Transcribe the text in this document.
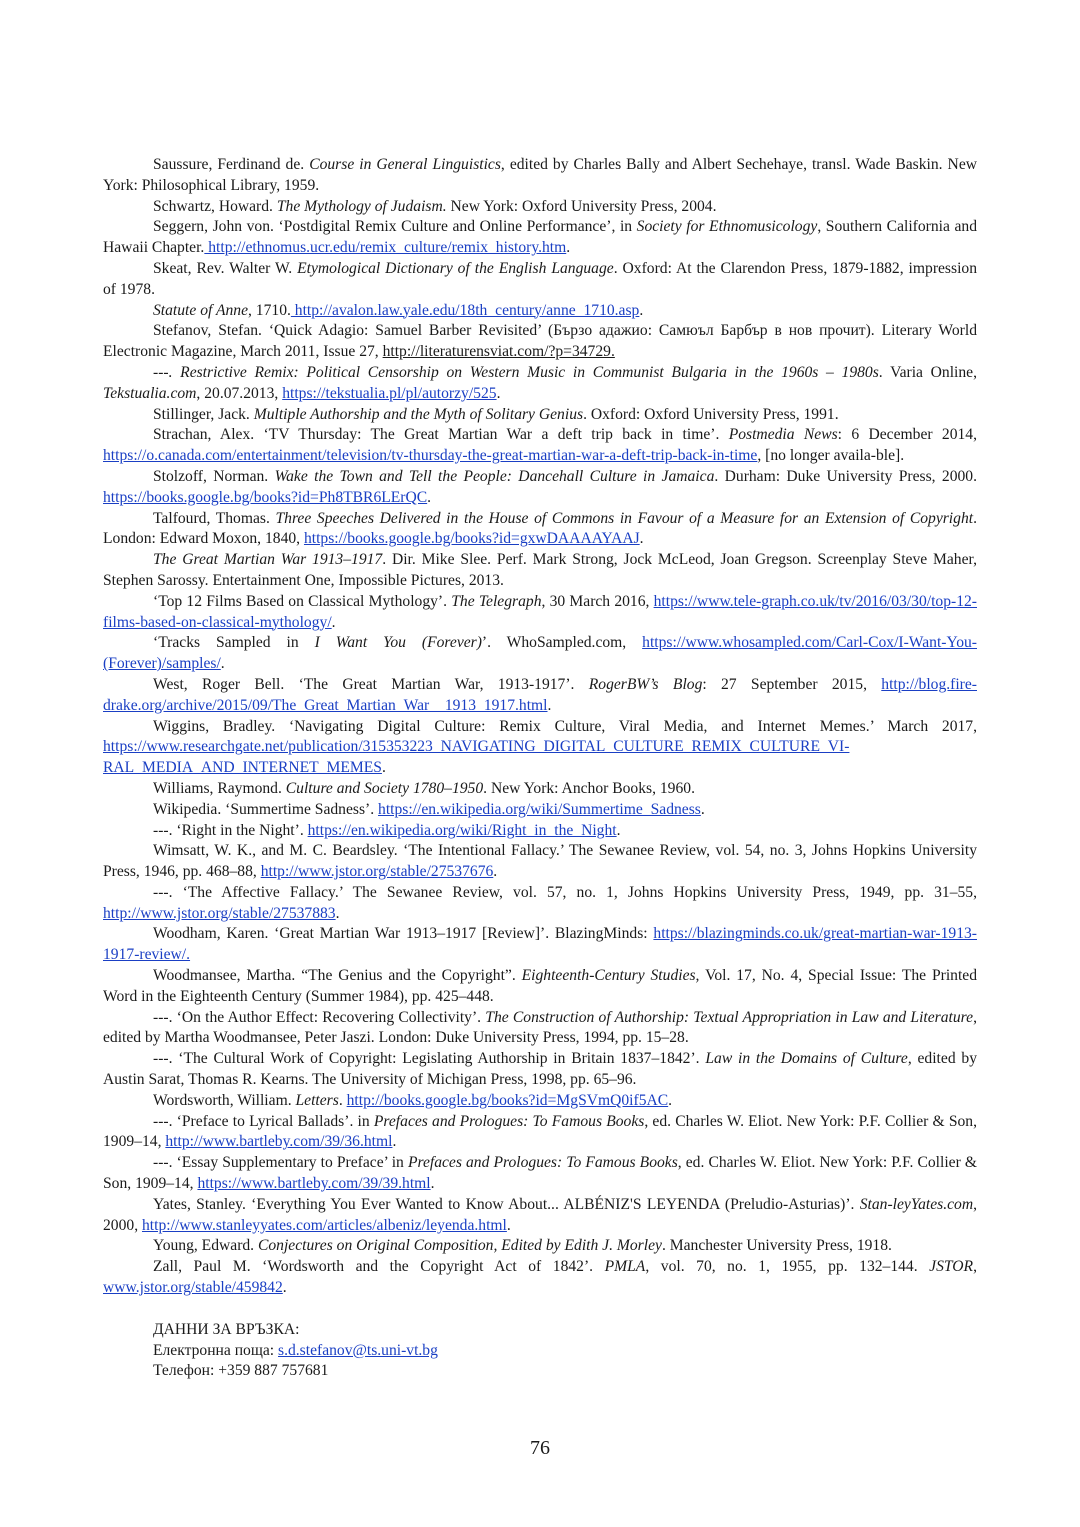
Saussure, Ferdinand de. Course in General Linguistics, edited by Charles Bally and Albert Sechehaye, transl. Wade Baskin. New York: Philosophical Library, 1959.

Schwartz, Howard. The Mythology of Judaism. New York: Oxford University Press, 2004.

Seggern, John von. ‘Postdigital Remix Culture and Online Performance’, in Society for Ethnomusicology, Southern California and Hawaii Chapter. http://ethnomus.ucr.edu/remix_culture/remix_history.htm.

Skeat, Rev. Walter W. Etymological Dictionary of the English Language. Oxford: At the Clarendon Press, 1879-1882, impression of 1978.

Statute of Anne, 1710. http://avalon.law.yale.edu/18th_century/anne_1710.asp.

Stefanov, Stefan. ‘Quick Adagio: Samuel Barber Revisited’ (Бързо адажио: Самюъл Барбър в нов прочит). Literary World Electronic Magazine, March 2011, Issue 27, http://literaturensviat.com/?p=34729.

---. Restrictive Remix: Political Censorship on Western Music in Communist Bulgaria in the 1960s – 1980s. Varia Online, Tekstualia.com, 20.07.2013, https://tekstualia.pl/pl/autorzy/525.

Stillinger, Jack. Multiple Authorship and the Myth of Solitary Genius. Oxford: Oxford University Press, 1991.

Strachan, Alex. ‘TV Thursday: The Great Martian War a deft trip back in time’. Postmedia News: 6 December 2014, https://o.canada.com/entertainment/television/tv-thursday-the-great-martian-war-a-deft-trip-back-in-time, [no longer availa-ble].

Stolzoff, Norman. Wake the Town and Tell the People: Dancehall Culture in Jamaica. Durham: Duke University Press, 2000. https://books.google.bg/books?id=Ph8TBR6LErQC.

Talfourd, Thomas. Three Speeches Delivered in the House of Commons in Favour of a Measure for an Extension of Copyright. London: Edward Moxon, 1840, https://books.google.bg/books?id=gxwDAAAAYAAJ.

The Great Martian War 1913–1917. Dir. Mike Slee. Perf. Mark Strong, Jock McLeod, Joan Gregson. Screenplay Steve Maher, Stephen Sarossy. Entertainment One, Impossible Pictures, 2013.

‘Top 12 Films Based on Classical Mythology’. The Telegraph, 30 March 2016, https://www.tele-graph.co.uk/tv/2016/03/30/top-12-films-based-on-classical-mythology/.

‘Tracks Sampled in I Want You (Forever)’. WhoSampled.com, https://www.whosampled.com/Carl-Cox/I-Want-You-(Forever)/samples/.

West, Roger Bell. ‘The Great Martian War, 1913-1917’. RogerBW’s Blog: 27 September 2015, http://blog.fire-drake.org/archive/2015/09/The_Great_Martian_War__1913_1917.html.

Wiggins, Bradley. ‘Navigating Digital Culture: Remix Culture, Viral Media, and Internet Memes.’ March 2017, https://www.researchgate.net/publication/315353223_NAVIGATING_DIGITAL_CULTURE_REMIX_CULTURE_VI-RAL_MEDIA_AND_INTERNET_MEMES.

Williams, Raymond. Culture and Society 1780–1950. New York: Anchor Books, 1960.

Wikipedia. ‘Summertime Sadness’. https://en.wikipedia.org/wiki/Summertime_Sadness.

---. ‘Right in the Night’. https://en.wikipedia.org/wiki/Right_in_the_Night.

Wimsatt, W. K., and M. C. Beardsley. ‘The Intentional Fallacy.’ The Sewanee Review, vol. 54, no. 3, Johns Hopkins University Press, 1946, pp. 468–88, http://www.jstor.org/stable/27537676.

---. ‘The Affective Fallacy.’ The Sewanee Review, vol. 57, no. 1, Johns Hopkins University Press, 1949, pp. 31–55, http://www.jstor.org/stable/27537883.

Woodham, Karen. ‘Great Martian War 1913–1917 [Review]’. BlazingMinds: https://blazingminds.co.uk/great-martian-war-1913-1917-review/.

Woodmansee, Martha. “The Genius and the Copyright”. Eighteenth-Century Studies, Vol. 17, No. 4, Special Issue: The Printed Word in the Eighteenth Century (Summer 1984), pp. 425–448.

---. ‘On the Author Effect: Recovering Collectivity’. The Construction of Authorship: Textual Appropriation in Law and Literature, edited by Martha Woodmansee, Peter Jaszi. London: Duke University Press, 1994, pp. 15–28.

---. ‘The Cultural Work of Copyright: Legislating Authorship in Britain 1837–1842’. Law in the Domains of Culture, edited by Austin Sarat, Thomas R. Kearns. The University of Michigan Press, 1998, pp. 65–96.

Wordsworth, William. Letters. http://books.google.bg/books?id=MgSVmQ0if5AC.

---. ‘Preface to Lyrical Ballads’. in Prefaces and Prologues: To Famous Books, ed. Charles W. Eliot. New York: P.F. Collier & Son, 1909–14, http://www.bartleby.com/39/36.html.

---. ‘Essay Supplementary to Preface’ in Prefaces and Prologues: To Famous Books, ed. Charles W. Eliot. New York: P.F. Collier & Son, 1909–14, https://www.bartleby.com/39/39.html.

Yates, Stanley. ‘Everything You Ever Wanted to Know About... ALBÉNIZ'S LEYENDA (Preludio-Asturias)’. Stan-leyYates.com, 2000, http://www.stanleyyates.com/articles/albeniz/leyenda.html.

Young, Edward. Conjectures on Original Composition, Edited by Edith J. Morley. Manchester University Press, 1918.

Zall, Paul M. ‘Wordsworth and the Copyright Act of 1842’. PMLA, vol. 70, no. 1, 1955, pp. 132–144. JSTOR, www.jstor.org/stable/459842.

ДАННИ ЗА ВРЪЗКА:
Електронна поща: s.d.stefanov@ts.uni-vt.bg
Телефон: +359 887 757681
76
